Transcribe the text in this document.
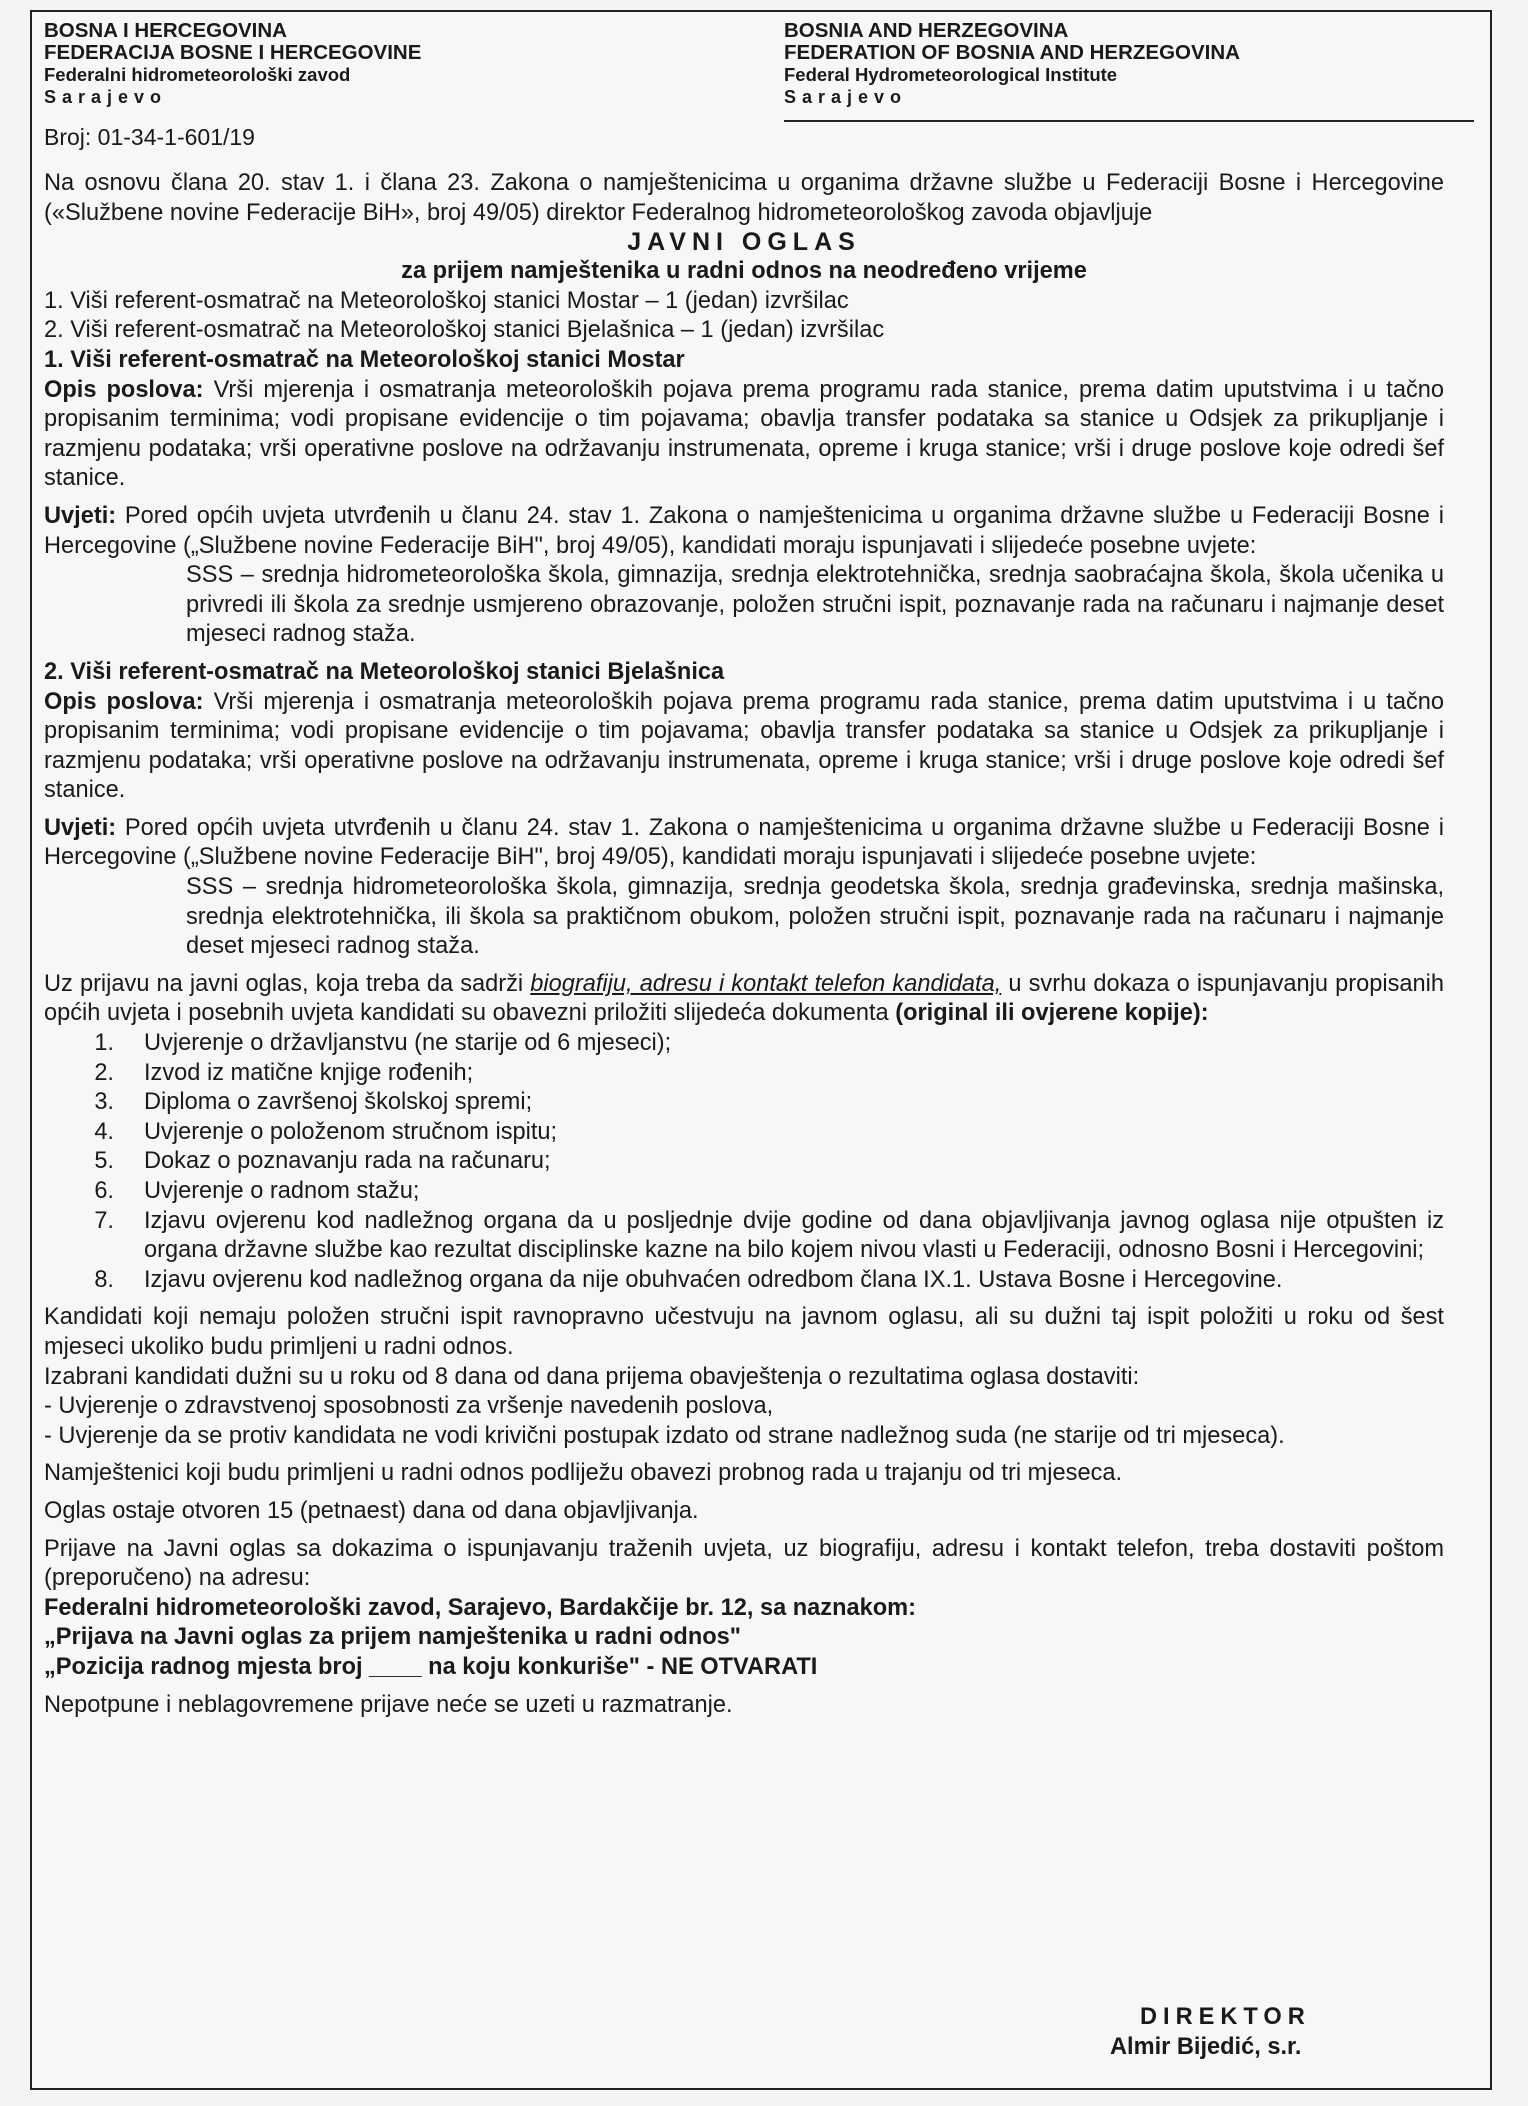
BOSNA I HERCEGOVINA
FEDERACIJA BOSNE I HERCEGOVINE
Federalni hidrometeorološki zavod
Sarajevo
BOSNIA AND HERZEGOVINA
FEDERATION OF BOSNIA AND HERZEGOVINA
Federal Hydrometeorological Institute
Sarajevo
Broj: 01-34-1-601/19

Na osnovu člana 20. stav 1. i člana 23. Zakona o namještenicima u organima državne službe u Federaciji Bosne i Hercegovine («Službene novine Federacije BiH», broj 49/05) direktor Federalnog hidrometeorološkog zavoda objavljuje

JAVNI OGLAS
za prijem namještenika u radni odnos na neodređeno vrijeme

1. Viši referent-osmatrač na Meteorološkoj stanici Mostar – 1 (jedan) izvršilac

2. Viši referent-osmatrač na Meteorološkoj stanici Bjelašnica – 1 (jedan) izvršilac

1. Viši referent-osmatrač na Meteorološkoj stanici Mostar

Opis poslova: Vrši mjerenja i osmatranja meteoroloških pojava prema programu rada stanice, prema datim uputstvima i u tačno propisanim terminima; vodi propisane evidencije o tim pojavama; obavlja transfer podataka sa stanice u Odsjek za prikupljanje i razmjenu podataka; vrši operativne poslove na održavanju instrumenata, opreme i kruga stanice; vrši i druge poslove koje odredi šef stanice.

Uvjeti: Pored općih uvjeta utvrđenih u članu 24. stav 1. Zakona o namještenicima u organima državne službe u Federaciji Bosne i Hercegovine („Službene novine Federacije BiH", broj 49/05), kandidati moraju ispunjavati i slijedeće posebne uvjete:

SSS – srednja hidrometeorološka škola, gimnazija, srednja elektrotehnička, srednja saobraćajna škola, škola učenika u privredi ili škola za srednje usmjereno obrazovanje, položen stručni ispit, poznavanje rada na računaru i najmanje deset mjeseci radnog staža.

2. Viši referent-osmatrač na Meteorološkoj stanici Bjelašnica

Opis poslova: Vrši mjerenja i osmatranja meteoroloških pojava prema programu rada stanice, prema datim uputstvima i u tačno propisanim terminima; vodi propisane evidencije o tim pojavama; obavlja transfer podataka sa stanice u Odsjek za prikupljanje i razmjenu podataka; vrši operativne poslove na održavanju instrumenata, opreme i kruga stanice; vrši i druge poslove koje odredi šef stanice.

Uvjeti: Pored općih uvjeta utvrđenih u članu 24. stav 1. Zakona o namještenicima u organima državne službe u Federaciji Bosne i Hercegovine („Službene novine Federacije BiH", broj 49/05), kandidati moraju ispunjavati i slijedeće posebne uvjete:

SSS – srednja hidrometeorološka škola, gimnazija, srednja geodetska škola, srednja građevinska, srednja mašinska, srednja elektrotehnička, ili škola sa praktičnom obukom, položen stručni ispit, poznavanje rada na računaru i najmanje deset mjeseci radnog staža.

Uz prijavu na javni oglas, koja treba da sadrži biografiju, adresu i kontakt telefon kandidata, u svrhu dokaza o ispunjavanju propisanih općih uvjeta i posebnih uvjeta kandidati su obavezni priložiti slijedeća dokumenta (original ili ovjerene kopije):

1.	Uvjerenje o državljanstvu (ne starije od 6 mjeseci);
2.	Izvod iz matične knjige rođenih;
3.	Diploma o završenoj školskoj spremi;
4.	Uvjerenje o položenom stručnom ispitu;
5.	Dokaz o poznavanju rada na računaru;
6.	Uvjerenje o radnom stažu;
7.	Izjavu ovjerenu kod nadležnog organa da u posljednje dvije godine od dana objavljivanja javnog oglasa nije otpušten iz organa državne službe kao rezultat disciplinske kazne na bilo kojem nivou vlasti u Federaciji, odnosno Bosni i Hercegovini;
8.	Izjavu ovjerenu kod nadležnog organa da nije obuhvaćen odredbom člana IX.1. Ustava Bosne i Hercegovine.

Kandidati koji nemaju položen stručni ispit ravnopravno učestvuju na javnom oglasu, ali su dužni taj ispit položiti u roku od šest mjeseci ukoliko budu primljeni u radni odnos.

Izabrani kandidati dužni su u roku od 8 dana od dana prijema obavještenja o rezultatima oglasa dostaviti:

- Uvjerenje o zdravstvenoj sposobnosti za vršenje navedenih poslova,

- Uvjerenje da se protiv kandidata ne vodi krivični postupak izdato od strane nadležnog suda (ne starije od tri mjeseca).

Namještenici koji budu primljeni u radni odnos podliježu obavezi probnog rada u trajanju od tri mjeseca.

Oglas ostaje otvoren 15 (petnaest) dana od dana objavljivanja.

Prijave na Javni oglas sa dokazima o ispunjavanju traženih uvjeta, uz biografiju, adresu i kontakt telefon, treba dostaviti poštom (preporučeno) na adresu:

Federalni hidrometeorološki zavod, Sarajevo, Bardakčije br. 12, sa naznakom:

„Prijava na Javni oglas za prijem namještenika u radni odnos"

„Pozicija radnog mjesta broj ____ na koju konkuriše" - NE OTVARATI

Nepotpune i neblagovremene prijave neće se uzeti u razmatranje.

DIREKTOR
Almir Bijedić, s.r.
